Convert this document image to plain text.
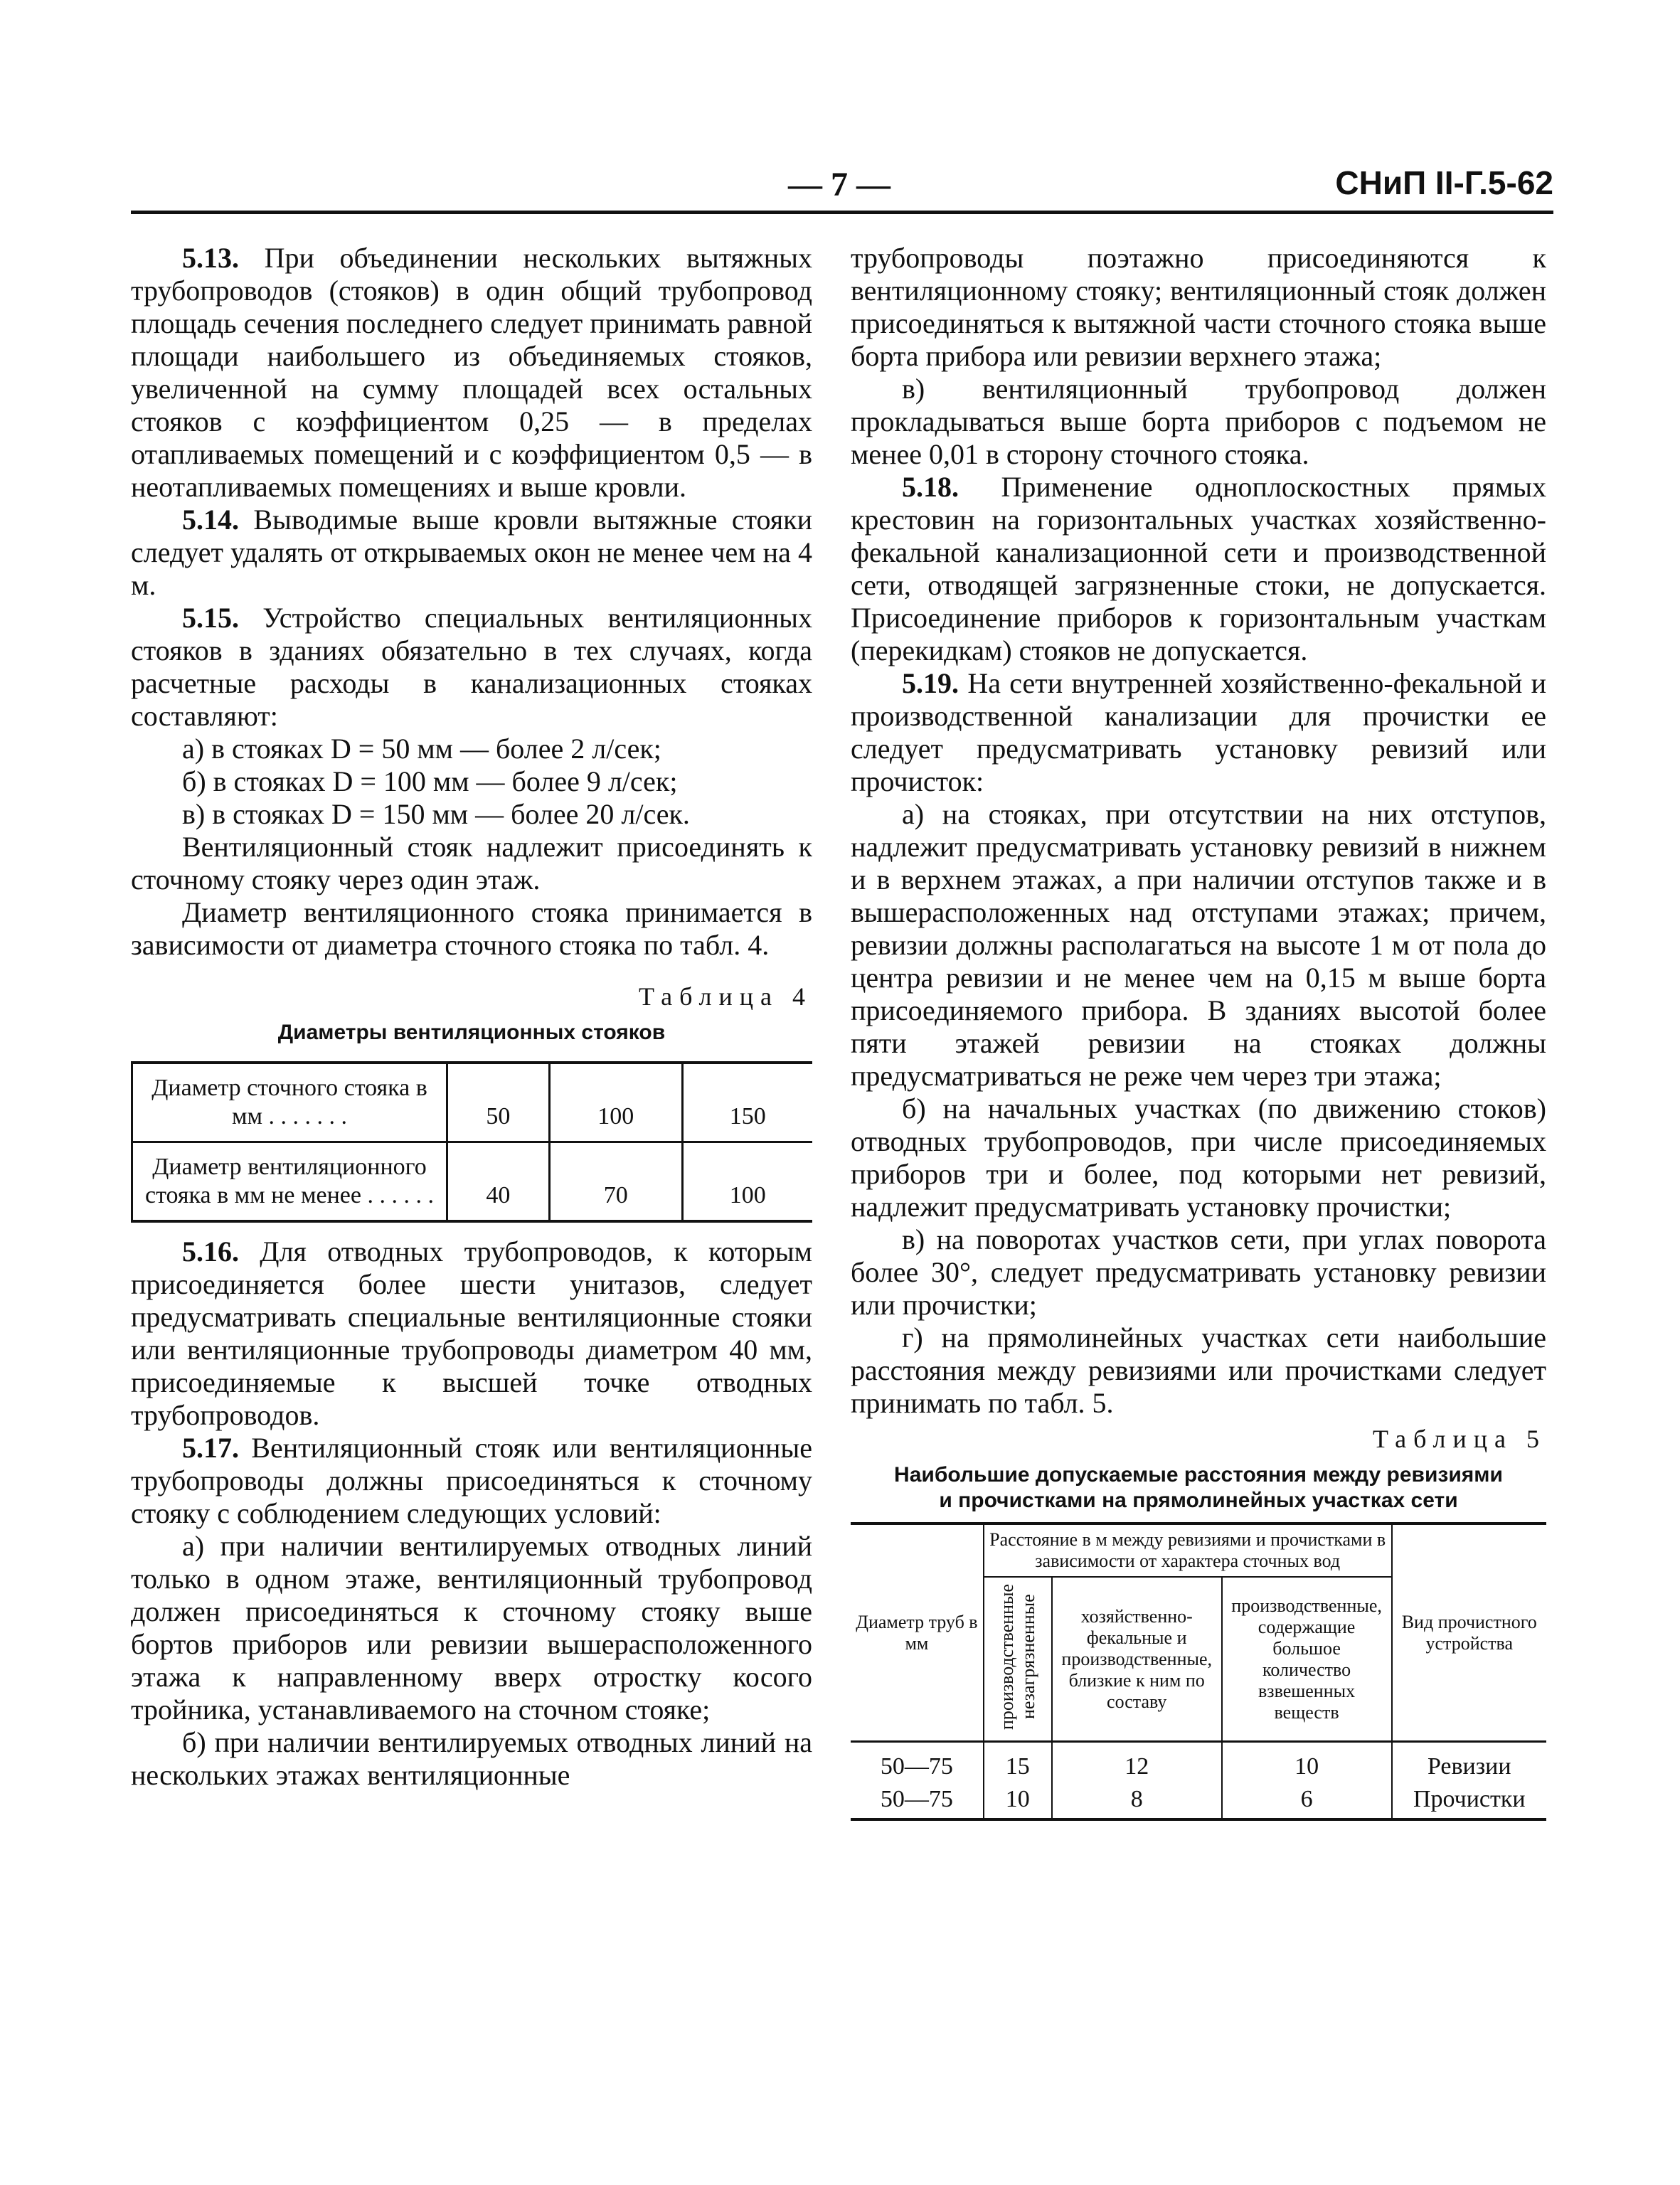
— 7 —	СНиП II-Г.5-62

5.13. При объединении нескольких вытяжных трубопроводов (стояков) в один общий трубопровод площадь сечения последнего следует принимать равной площади наибольшего из объединяемых стояков, увеличенной на сумму площадей всех остальных стояков с коэффициентом 0,25 — в пределах отапливаемых помещений и с коэффициентом 0,5 — в неотапливаемых помещениях и выше кровли.

5.14. Выводимые выше кровли вытяжные стояки следует удалять от открываемых окон не менее чем на 4 м.

5.15. Устройство специальных вентиляционных стояков в зданиях обязательно в тех случаях, когда расчетные расходы в канализационных стояках составляют:

а) в стояках D = 50 мм — более 2 л/сек;

б) в стояках D = 100 мм — более 9 л/сек;

в) в стояках D = 150 мм — более 20 л/сек.

Вентиляционный стояк надлежит присоединять к сточному стояку через один этаж.

Диаметр вентиляционного стояка принимается в зависимости от диаметра сточного стояка по табл. 4.

Таблица 4
Диаметры вентиляционных стояков
Диаметр сточного стояка в мм . . . . . . .	50	100	150
Диаметр вентиляционного стояка в мм не менее . . . . . .	40	70	100

5.16. Для отводных трубопроводов, к которым присоединяется более шести унитазов, следует предусматривать специальные вентиляционные стояки или вентиляционные трубопроводы диаметром 40 мм, присоединяемые к высшей точке отводных трубопроводов.

5.17. Вентиляционный стояк или вентиляционные трубопроводы должны присоединяться к сточному стояку с соблюдением следующих условий:

а) при наличии вентилируемых отводных линий только в одном этаже, вентиляционный трубопровод должен присоединяться к сточному стояку выше бортов приборов или ревизии вышерасположенного этажа к направленному вверх отростку косого тройника, устанавливаемого на сточном стояке;

б) при наличии вентилируемых отводных линий на нескольких этажах вентиляционные

трубопроводы поэтажно присоединяются к вентиляционному стояку; вентиляционный стояк должен присоединяться к вытяжной части сточного стояка выше борта прибора или ревизии верхнего этажа;

в) вентиляционный трубопровод должен прокладываться выше борта приборов с подъемом не менее 0,01 в сторону сточного стояка.

5.18. Применение одноплоскостных прямых крестовин на горизонтальных участках хозяйственно-фекальной канализационной сети и производственной сети, отводящей загрязненные стоки, не допускается. Присоединение приборов к горизонтальным участкам (перекидкам) стояков не допускается.

5.19. На сети внутренней хозяйственно-фекальной и производственной канализации для прочистки ее следует предусматривать установку ревизий или прочисток:

а) на стояках, при отсутствии на них отступов, надлежит предусматривать установку ревизий в нижнем и в верхнем этажах, а при наличии отступов также и в вышерасположенных над отступами этажах; причем, ревизии должны располагаться на высоте 1 м от пола до центра ревизии и не менее чем на 0,15 м выше борта присоединяемого прибора. В зданиях высотой более пяти этажей ревизии на стояках должны предусматриваться не реже чем через три этажа;

б) на начальных участках (по движению стоков) отводных трубопроводов, при числе присоединяемых приборов три и более, под которыми нет ревизий, надлежит предусматривать установку прочистки;

в) на поворотах участков сети, при углах поворота более 30°, следует предусматривать установку ревизии или прочистки;

г) на прямолинейных участках сети наибольшие расстояния между ревизиями или прочистками следует принимать по табл. 5.

Таблица 5
Наибольшие допускаемые расстояния между ревизиями
и прочистками на прямолинейных участках сети
Диаметр труб в мм	Расстояние в м между ревизиями и прочистками в зависимости от характера сточных вод			Вид прочистного устройства
	производственные незагрязненные	хозяйственно-фекальные и производственные, близкие к ним по составу	производственные, содержащие большое количество взвешенных веществ	
50—75	15	12	10	Ревизии
50—75	10	8	6	Прочистки
